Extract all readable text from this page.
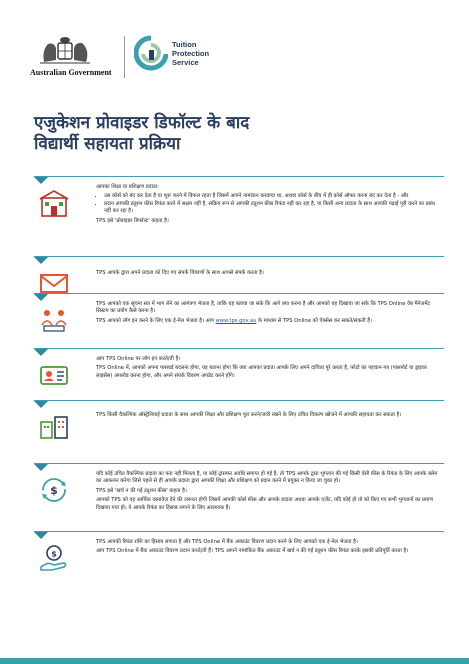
Australian Government
Tuition
Protection
Service
एजुकेशन प्रोवाइडर डिफॉल्ट के बाद
विद्यार्थी सहायता प्रक्रिया

आपका शिक्षा या प्रशिक्षण प्रदाता:

• उस कोर्स को बंद कर देता है या शुरू करने में विफल रहता है जिसमें आपने नामांकन करवाया था, अथवा कोर्स के बीच में ही कोर्स ऑफर करना बंद कर देता है - और
• प्रदान आपकी ट्यूशन फ़ीस रिफंड करने में सक्षम नहीं है, सक्रिय रूप से आपकी ट्यूशन फ़ीस रिफंड नहीं कर रहा है, या किसी अन्य प्रदाता के साथ आपकी पढ़ाई पूरी करने का प्रबंध नहीं कर रहा है।

TPS इसे 'प्रोवाइडर डिफॉल्ट' कहता है।

TPS आपके द्वारा अपने प्रदाता को दिए गए संपर्क विवरणों के साथ आपसे संपर्क करता है।

TPS आपको एक सूचना सत्र में भाग लेने का आमंत्रण भेजता है, ताकि यह बताया जा सके कि आगे क्या करना है और आपको यह दिखाया जा सके कि TPS Online वेब मैनेजमेंट सिस्टम का प्रयोग कैसे करना है।

TPS आपको लॉग इन करने के लिए एक ई-मेल भेजता है। आप www.tps.gov.au के माध्यम से TPS Online को ऐक्सेस कर सकते/सकती हैं।

आप TPS Online पर लॉग इन करते/ती हैं।

TPS Online में, आपको अपना पासवर्ड बदलना होगा, यह बताना होगा कि क्या आपका प्रदाता आपके लिए अपने दायित्व पूरे करता है, फोटो का पहचान-पत्र (पासपोर्ट या ड्राइवर लाइसेंस) अपलोड करना होगा, और अपने संपर्क विवरण अपडेट करने होंगे।

TPS किसी वैकल्पिक ऑस्ट्रेलियाई प्रदाता के साथ आपकी शिक्षा और प्रशिक्षण पूरा करने/जारी रखने के लिए उचित विकल्प खोजने में आपकी सहायता कर सकता है।

$

यदि कोई उचित वैकल्पिक प्रदाता का पता नहीं मिलता है, या कोई ट्रांसफर अवधि समाप्त हो गई है, तो TPS आपके द्वारा भुगतान की गई किसी ऐसी फ़ीस के रिफंड के लिए आपके क्लेम का आकलन करेगा जिसे पहले से ही आपके प्रदाता द्वारा आपकी शिक्षा और प्रशिक्षण को प्रदान करने में प्रयुक्त न किया जा चुका हो।

TPS इसे 'खर्च न की गई ट्यूशन फ़ीस' कहता है।

आपको TPS को वह आर्थिक दस्तावेज़ देने की ज़रूरत होगी जिसमें आपकी कोर्स फ़ीस और आपके प्रदाता अथवा आपके एजेंट, यदि कोई हो तो को किए गए सभी भुगतानों का प्रमाण दिखाया गया हो। ये आपके रिफंड का हिसाब लगाने के लिए आवश्यक हैं।

$

TPS आपकी रिफंड राशि का हिसाब लगाता है और TPS Online में बैंक अकाउंट विवरण प्रदान करने के लिए आपको एक ई-मेल भेजता है।

आप TPS Online में बैंक अकाउंट विवरण प्रदान करते/ती हैं। TPS आपने नामांकित बैंक अकाउंट में खर्च न की गई ट्यूशन फ़ीस रिफंड करके इसकी प्रतिपूर्ति करता है।
